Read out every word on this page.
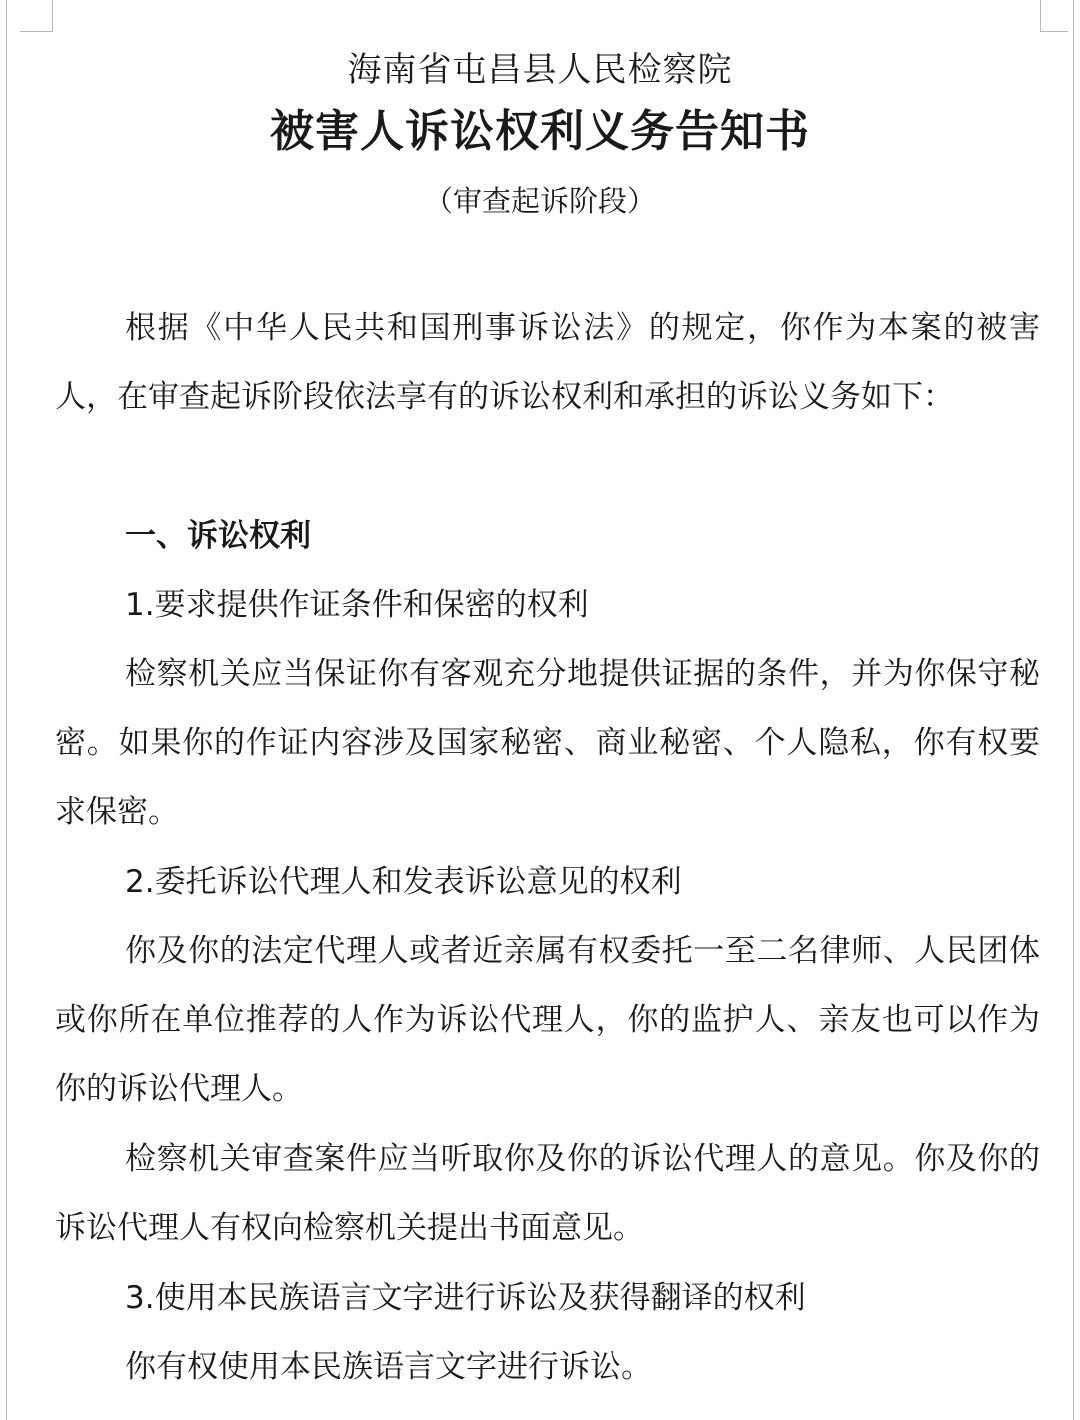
海南省屯昌县人民检察院
被害人诉讼权利义务告知书
（审查起诉阶段）

根据《中华人民共和国刑事诉讼法》的规定，你作为本案的被害人，在审查起诉阶段依法享有的诉讼权利和承担的诉讼义务如下：

一、诉讼权利

1.要求提供作证条件和保密的权利

检察机关应当保证你有客观充分地提供证据的条件，并为你保守秘密。如果你的作证内容涉及国家秘密、商业秘密、个人隐私，你有权要求保密。

2.委托诉讼代理人和发表诉讼意见的权利

你及你的法定代理人或者近亲属有权委托一至二名律师、人民团体或你所在单位推荐的人作为诉讼代理人，你的监护人、亲友也可以作为你的诉讼代理人。

检察机关审查案件应当听取你及你的诉讼代理人的意见。你及你的诉讼代理人有权向检察机关提出书面意见。

3.使用本民族语言文字进行诉讼及获得翻译的权利

你有权使用本民族语言文字进行诉讼。
